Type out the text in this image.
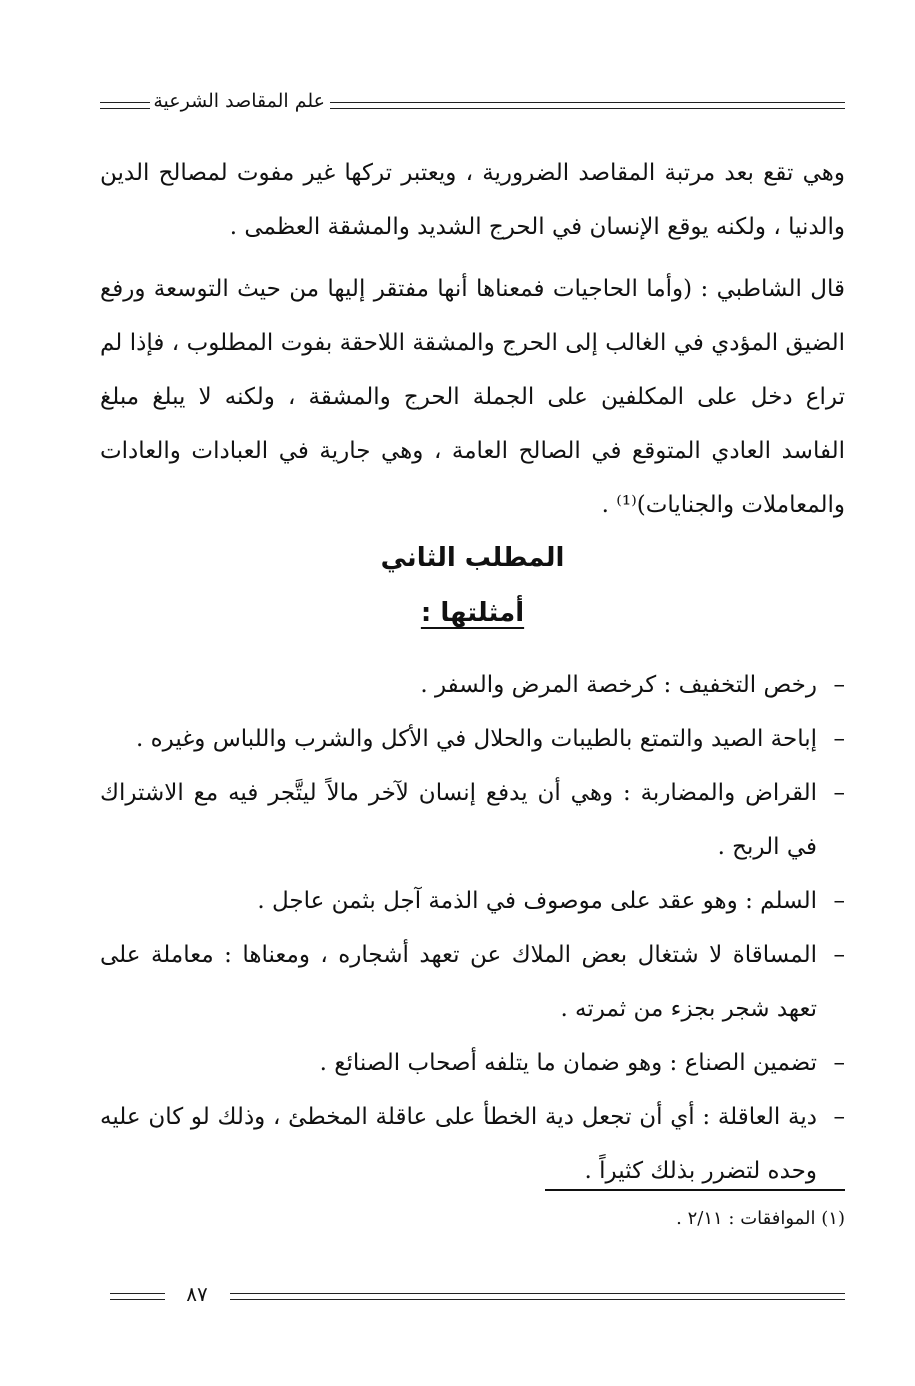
علم المقاصد الشرعية

وهي تقع بعد مرتبة المقاصد الضرورية ، ويعتبر تركها غير مفوت لمصالح الدين والدنيا ، ولكنه يوقع الإنسان في الحرج الشديد والمشقة العظمى .

قال الشاطبي : (وأما الحاجيات فمعناها أنها مفتقر إليها من حيث التوسعة ورفع الضيق المؤدي في الغالب إلى الحرج والمشقة اللاحقة بفوت المطلوب ، فإذا لم تراع دخل على المكلفين على الجملة الحرج والمشقة ، ولكنه لا يبلغ مبلغ الفاسد العادي المتوقع في الصالح العامة ، وهي جارية في العبادات والعادات والمعاملات والجنايات)⁽¹⁾ .

المطلب الثاني
أمثلتها :
–
رخص التخفيف : كرخصة المرض والسفر .
–
إباحة الصيد والتمتع بالطيبات والحلال في الأكل والشرب واللباس وغيره .
–
القراض والمضاربة : وهي أن يدفع إنسان لآخر مالاً ليتَّجر فيه مع الاشتراك في الربح .
–
السلم : وهو عقد على موصوف في الذمة آجل بثمن عاجل .
–
المساقاة لا شتغال بعض الملاك عن تعهد أشجاره ، ومعناها : معاملة على تعهد شجر بجزء من ثمرته .
–
تضمين الصناع : وهو ضمان ما يتلفه أصحاب الصنائع .
–
دية العاقلة : أي أن تجعل دية الخطأ على عاقلة المخطئ ، وذلك لو كان عليه وحده لتضرر بذلك كثيراً .
(١) الموافقات : ٢/١١ .
٨٧
